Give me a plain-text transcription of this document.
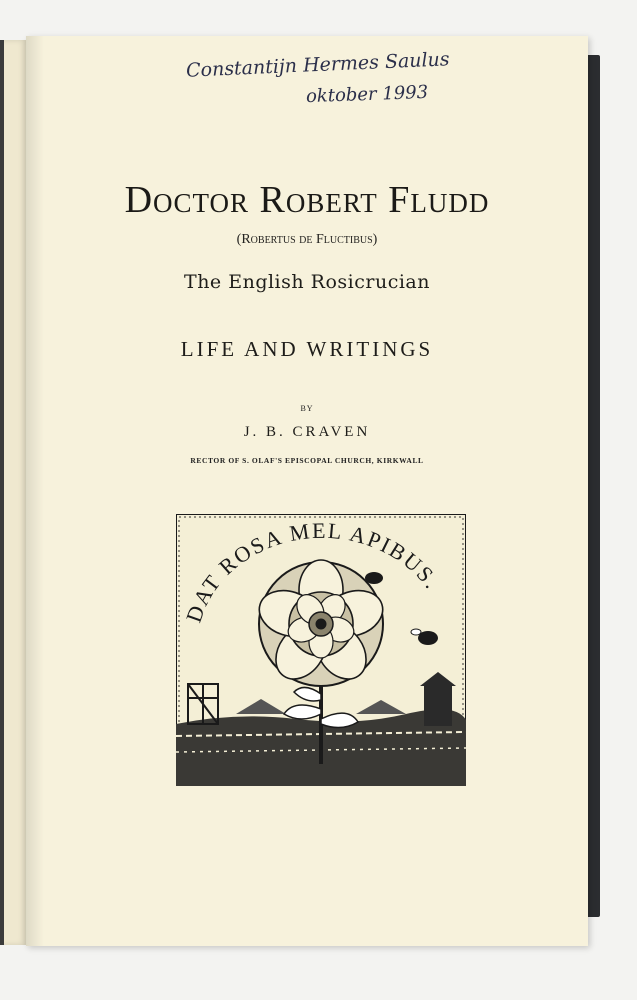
Constantijn Hermes Saulus
oktober 1993
Doctor Robert Fludd
(Robertus de Fluctibus)
The English Rosicrucian
LIFE AND WRITINGS
BY
J. B. CRAVEN
RECTOR OF S. OLAF'S EPISCOPAL CHURCH, KIRKWALL
DAT ROSA MEL APIBUS.
